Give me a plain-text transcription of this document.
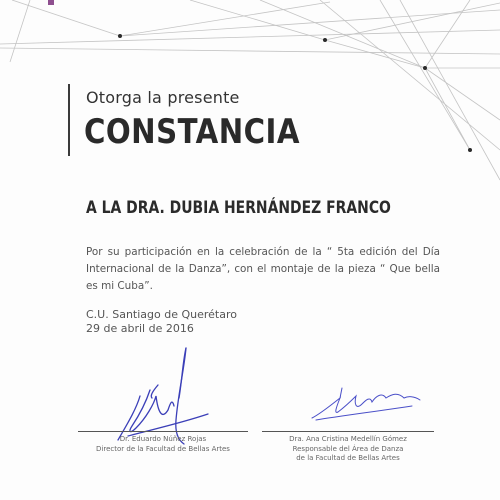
Otorga la presente
CONSTANCIA
A LA DRA. DUBIA HERNÁNDEZ FRANCO
Por su participación en la celebración de la “ 5ta edición del Día Internacional de la Danza”, con el montaje de la pieza “ Que bella es mi Cuba”.
C.U. Santiago de Querétaro
29 de abril de 2016
Dr. Eduardo Núñez Rojas
Director de la Facultad de Bellas Artes
Dra. Ana Cristina Medellín Gómez
Responsable del Área de Danza
de la Facultad de Bellas Artes
